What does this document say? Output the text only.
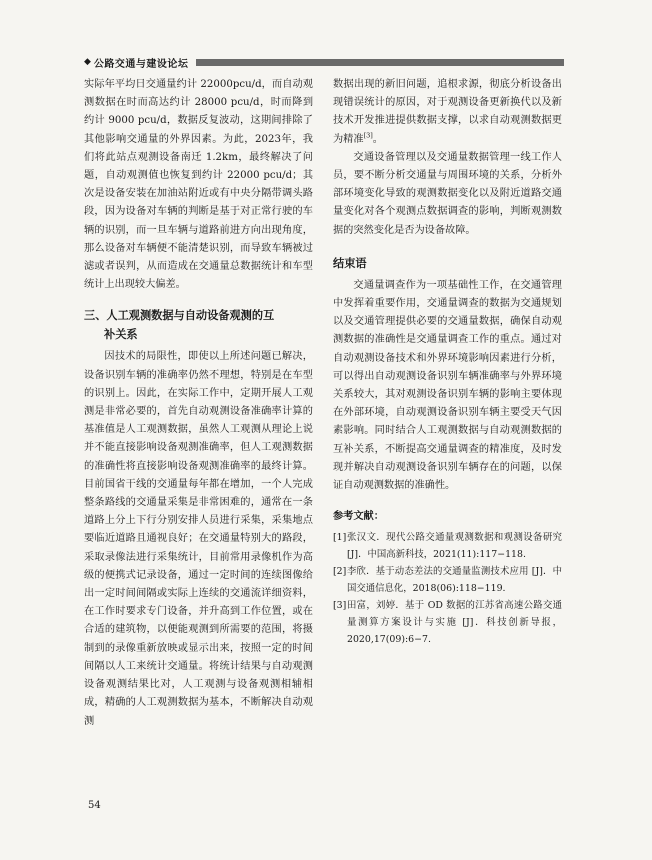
◆ 公路交通与建设论坛

实际年平均日交通量约计 22000pcu/d，而自动观测数据在时而高达约计 28000 pcu/d，时而降到约计 9000 pcu/d，数据反复波动，这期间排除了其他影响交通量的外界因素。为此，2023年，我们将此站点观测设备南迁 1.2km，最终解决了问题，自动观测值也恢复到约计 22000 pcu/d；其次是设备安装在加油站附近或有中央分隔带调头路段，因为设备对车辆的判断是基于对正常行驶的车辆的识别，而一旦车辆与道路前进方向出现角度，那么设备对车辆便不能清楚识别，而导致车辆被过滤或者误判，从而造成在交通量总数据统计和车型统计上出现较大偏差。

三、人工观测数据与自动设备观测的互
补关系

因技术的局限性，即使以上所述问题已解决，设备识别车辆的准确率仍然不理想，特别是在车型的识别上。因此，在实际工作中，定期开展人工观测是非常必要的，首先自动观测设备准确率计算的基准值是人工观测数据，虽然人工观测从理论上说并不能直接影响设备观测准确率，但人工观测数据的准确性将直接影响设备观测准确率的最终计算。目前国省干线的交通量每年都在增加，一个人完成整条路线的交通量采集是非常困难的，通常在一条道路上分上下行分别安排人员进行采集，采集地点要临近道路且通视良好；在交通量特别大的路段，采取录像法进行采集统计，目前常用录像机作为高级的便携式记录设备，通过一定时间的连续图像给出一定时间间隔或实际上连续的交通流详细资料，在工作时要求专门设备，并升高到工作位置，或在合适的建筑物，以便能观测到所需要的范围，将摄制到的录像重新放映或显示出来，按照一定的时间间隔以人工来统计交通量。将统计结果与自动观测设备观测结果比对，人工观测与设备观测相辅相成，精确的人工观测数据为基本，不断解决自动观测

数据出现的新旧问题，追根求源，彻底分析设备出现错误统计的原因，对于观测设备更新换代以及新技术开发推进提供数据支撑，以求自动观测数据更为精准[3]。

交通设备管理以及交通量数据管理一线工作人员，要不断分析交通量与周围环境的关系，分析外部环境变化导致的观测数据变化以及附近道路交通量变化对各个观测点数据调查的影响，判断观测数据的突然变化是否为设备故障。

结束语

交通量调查作为一项基础性工作，在交通管理中发挥着重要作用，交通量调查的数据为交通规划以及交通管理提供必要的交通量数据，确保自动观测数据的准确性是交通量调查工作的重点。通过对自动观测设备技术和外界环境影响因素进行分析，可以得出自动观测设备识别车辆准确率与外界环境关系较大，其对观测设备识别车辆的影响主要体现在外部环境，自动观测设备识别车辆主要受天气因素影响。同时结合人工观测数据与自动观测数据的互补关系，不断提高交通量调查的精准度，及时发现并解决自动观测设备识别车辆存在的问题，以保证自动观测数据的准确性。

参考文献：
[1] 张汉文．现代公路交通量观测数据和观测设备研究 [J]．中国高新科技，2021(11):117−118.
[2] 李欣．基于动态差法的交通量监测技术应用 [J]．中国交通信息化，2018(06):118−119.
[3] 田富，刘婷．基于 OD 数据的江苏省高速公路交通量测算方案设计与实施 [J]．科技创新导报，2020,17(09):6−7.
54
